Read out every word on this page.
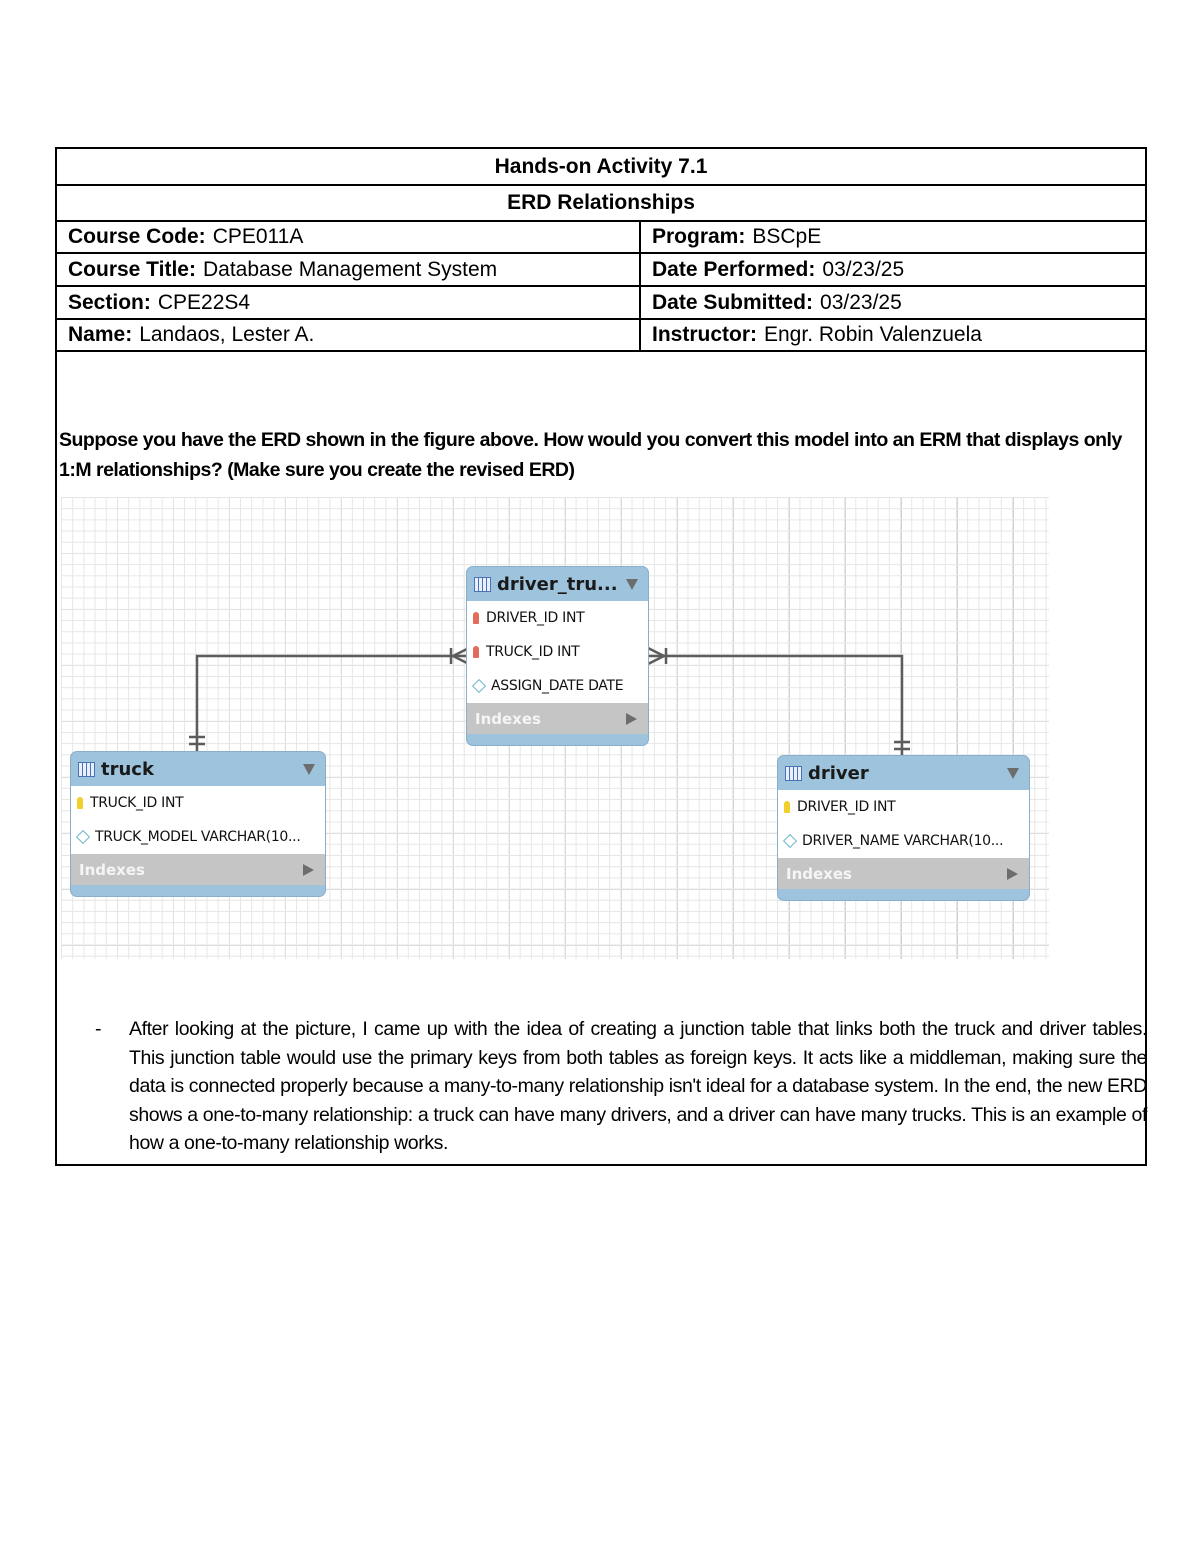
Hands-on Activity 7.1
ERD Relationships
Course Code: CPE011A	Program: BSCpE
Course Title: Database Management System	Date Performed: 03/23/25
Section: CPE22S4	Date Submitted: 03/23/25
Name: Landaos, Lester A.	Instructor: Engr. Robin Valenzuela
Suppose you have the ERD shown in the figure above. How would you convert this model into an ERM that displays only 1:M relationships? (Make sure you create the revised ERD)
driver_tru...
DRIVER_ID INT
TRUCK_ID INT
ASSIGN_DATE DATE
Indexes
truck
TRUCK_ID INT
TRUCK_MODEL VARCHAR(10...
Indexes
driver
DRIVER_ID INT
DRIVER_NAME VARCHAR(10...
Indexes
- After looking at the picture, I came up with the idea of creating a junction table that links both the truck and driver tables. This junction table would use the primary keys from both tables as foreign keys. It acts like a middleman, making sure the data is connected properly because a many-to-many relationship isn't ideal for a database system. In the end, the new ERD shows a one-to-many relationship: a truck can have many drivers, and a driver can have many trucks. This is an example of how a one-to-many relationship works.
